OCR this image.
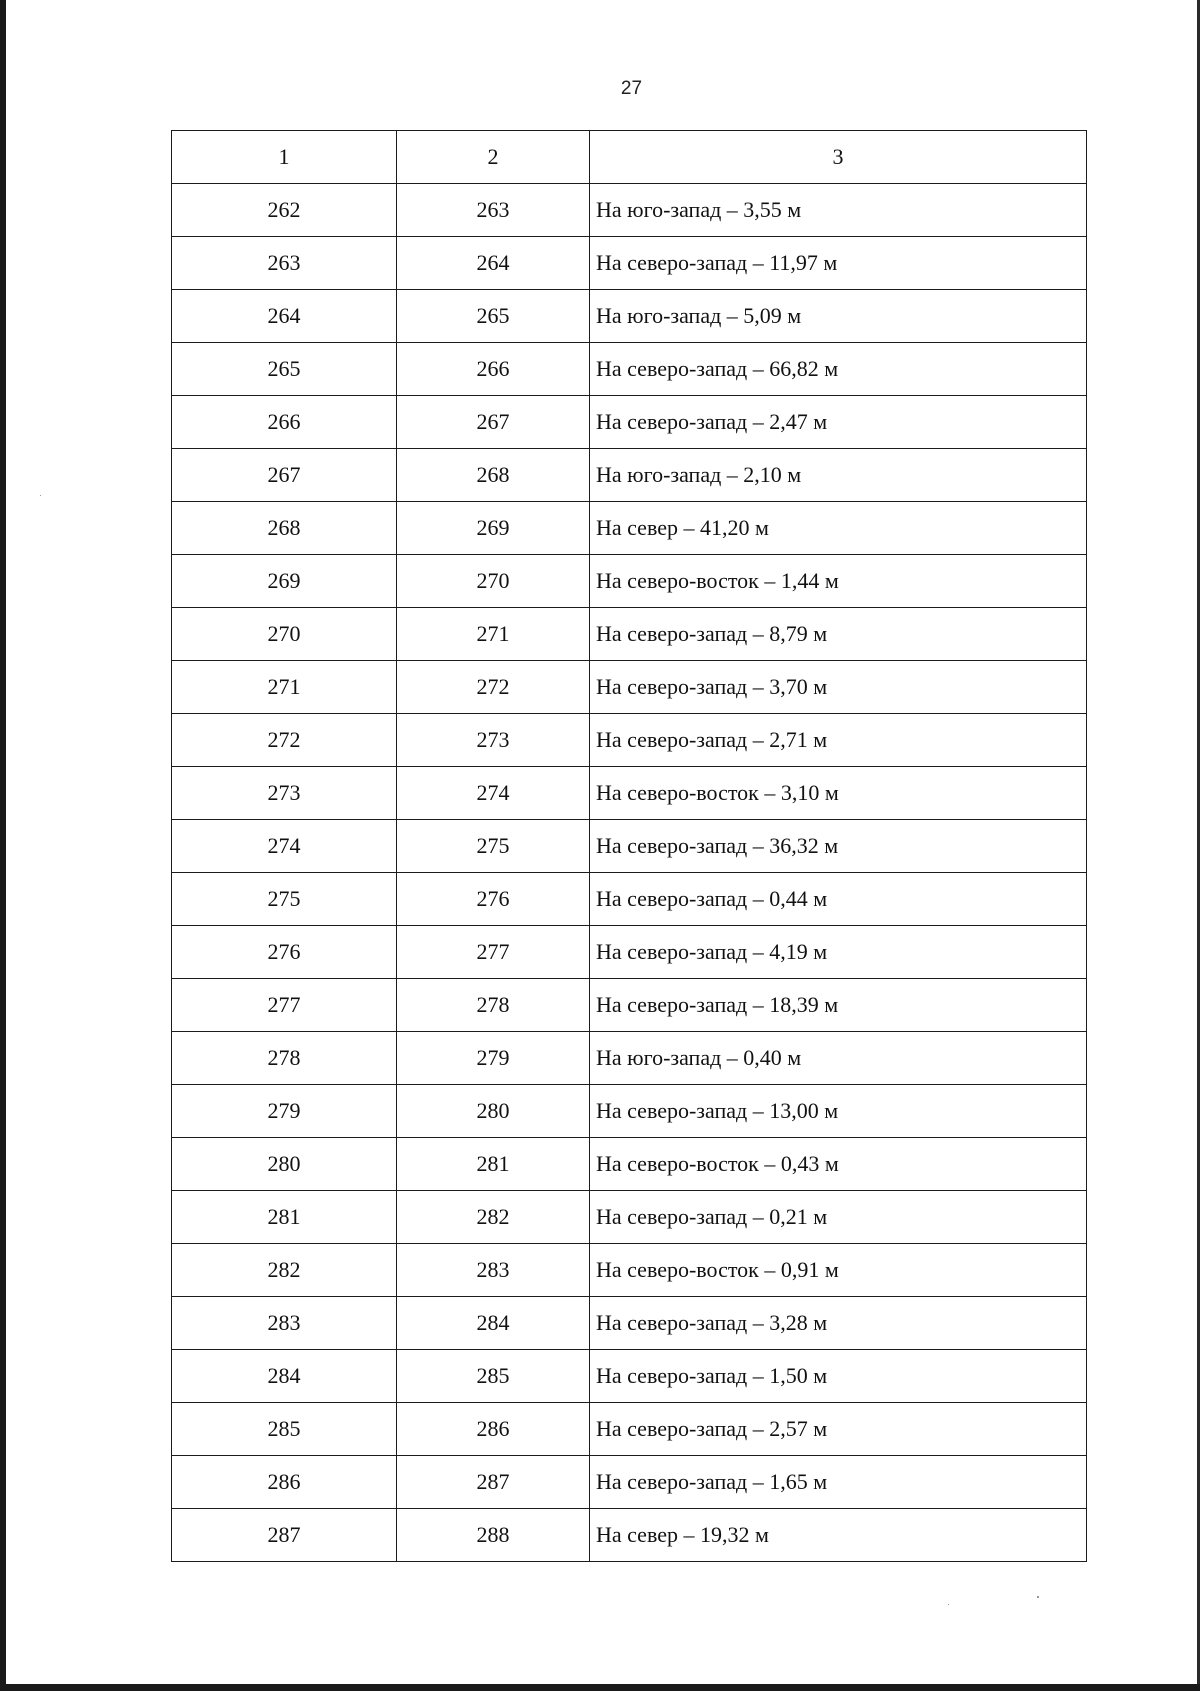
27
1	2	3
262	263	На юго-запад – 3,55 м
263	264	На северо-запад – 11,97 м
264	265	На юго-запад – 5,09 м
265	266	На северо-запад – 66,82 м
266	267	На северо-запад – 2,47 м
267	268	На юго-запад – 2,10 м
268	269	На север – 41,20 м
269	270	На северо-восток – 1,44 м
270	271	На северо-запад – 8,79 м
271	272	На северо-запад – 3,70 м
272	273	На северо-запад – 2,71 м
273	274	На северо-восток – 3,10 м
274	275	На северо-запад – 36,32 м
275	276	На северо-запад – 0,44 м
276	277	На северо-запад – 4,19 м
277	278	На северо-запад – 18,39 м
278	279	На юго-запад – 0,40 м
279	280	На северо-запад – 13,00 м
280	281	На северо-восток – 0,43 м
281	282	На северо-запад – 0,21 м
282	283	На северо-восток – 0,91 м
283	284	На северо-запад – 3,28 м
284	285	На северо-запад – 1,50 м
285	286	На северо-запад – 2,57 м
286	287	На северо-запад – 1,65 м
287	288	На север – 19,32 м
